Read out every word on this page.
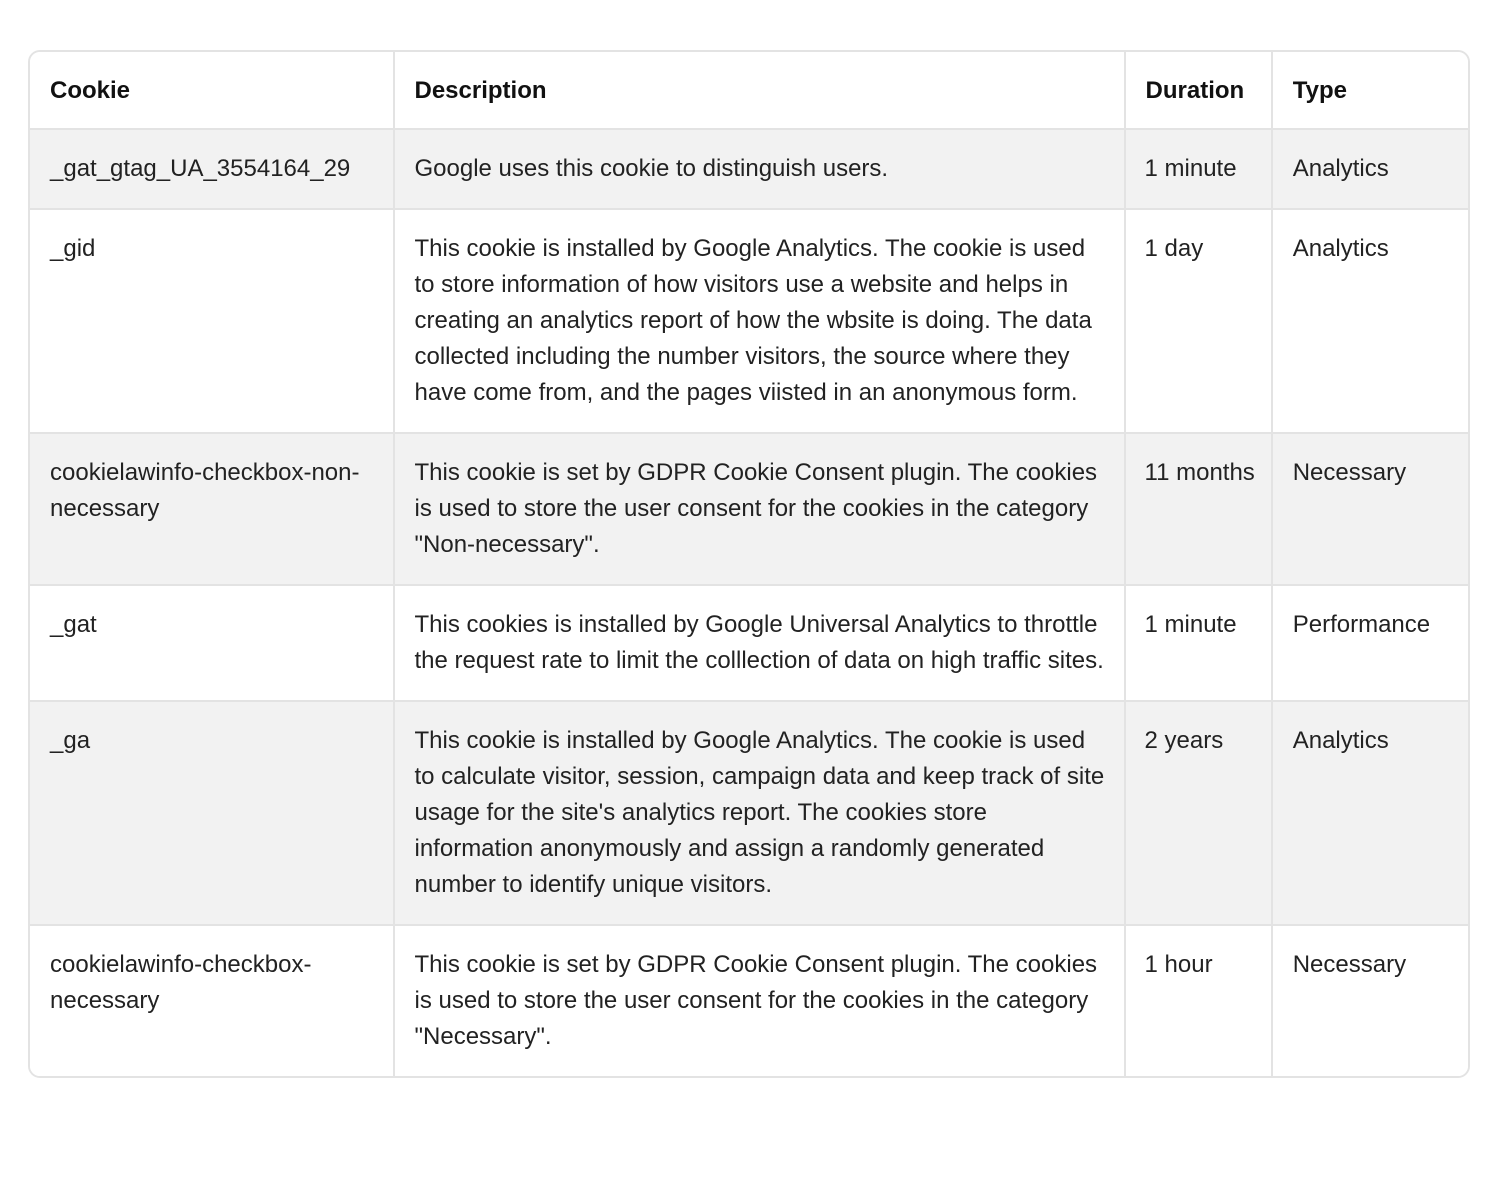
Cookie	Description	Duration	Type
_gat_gtag_UA_3554164_29	Google uses this cookie to distinguish users.	1 minute	Analytics
_gid	This cookie is installed by Google Analytics. The cookie is used to store information of how visitors use a website and helps in creating an analytics report of how the wbsite is doing. The data collected including the number visitors, the source where they have come from, and the pages viisted in an anonymous form.	1 day	Analytics
cookielawinfo-checkbox-non-necessary	This cookie is set by GDPR Cookie Consent plugin. The cookies is used to store the user consent for the cookies in the category "Non-necessary".	11 months	Necessary
_gat	This cookies is installed by Google Universal Analytics to throttle the request rate to limit the colllection of data on high traffic sites.	1 minute	Performance
_ga	This cookie is installed by Google Analytics. The cookie is used to calculate visitor, session, campaign data and keep track of site usage for the site's analytics report. The cookies store information anonymously and assign a randomly generated number to identify unique visitors.	2 years	Analytics
cookielawinfo-checkbox-necessary	This cookie is set by GDPR Cookie Consent plugin. The cookies is used to store the user consent for the cookies in the category "Necessary".	1 hour	Necessary
